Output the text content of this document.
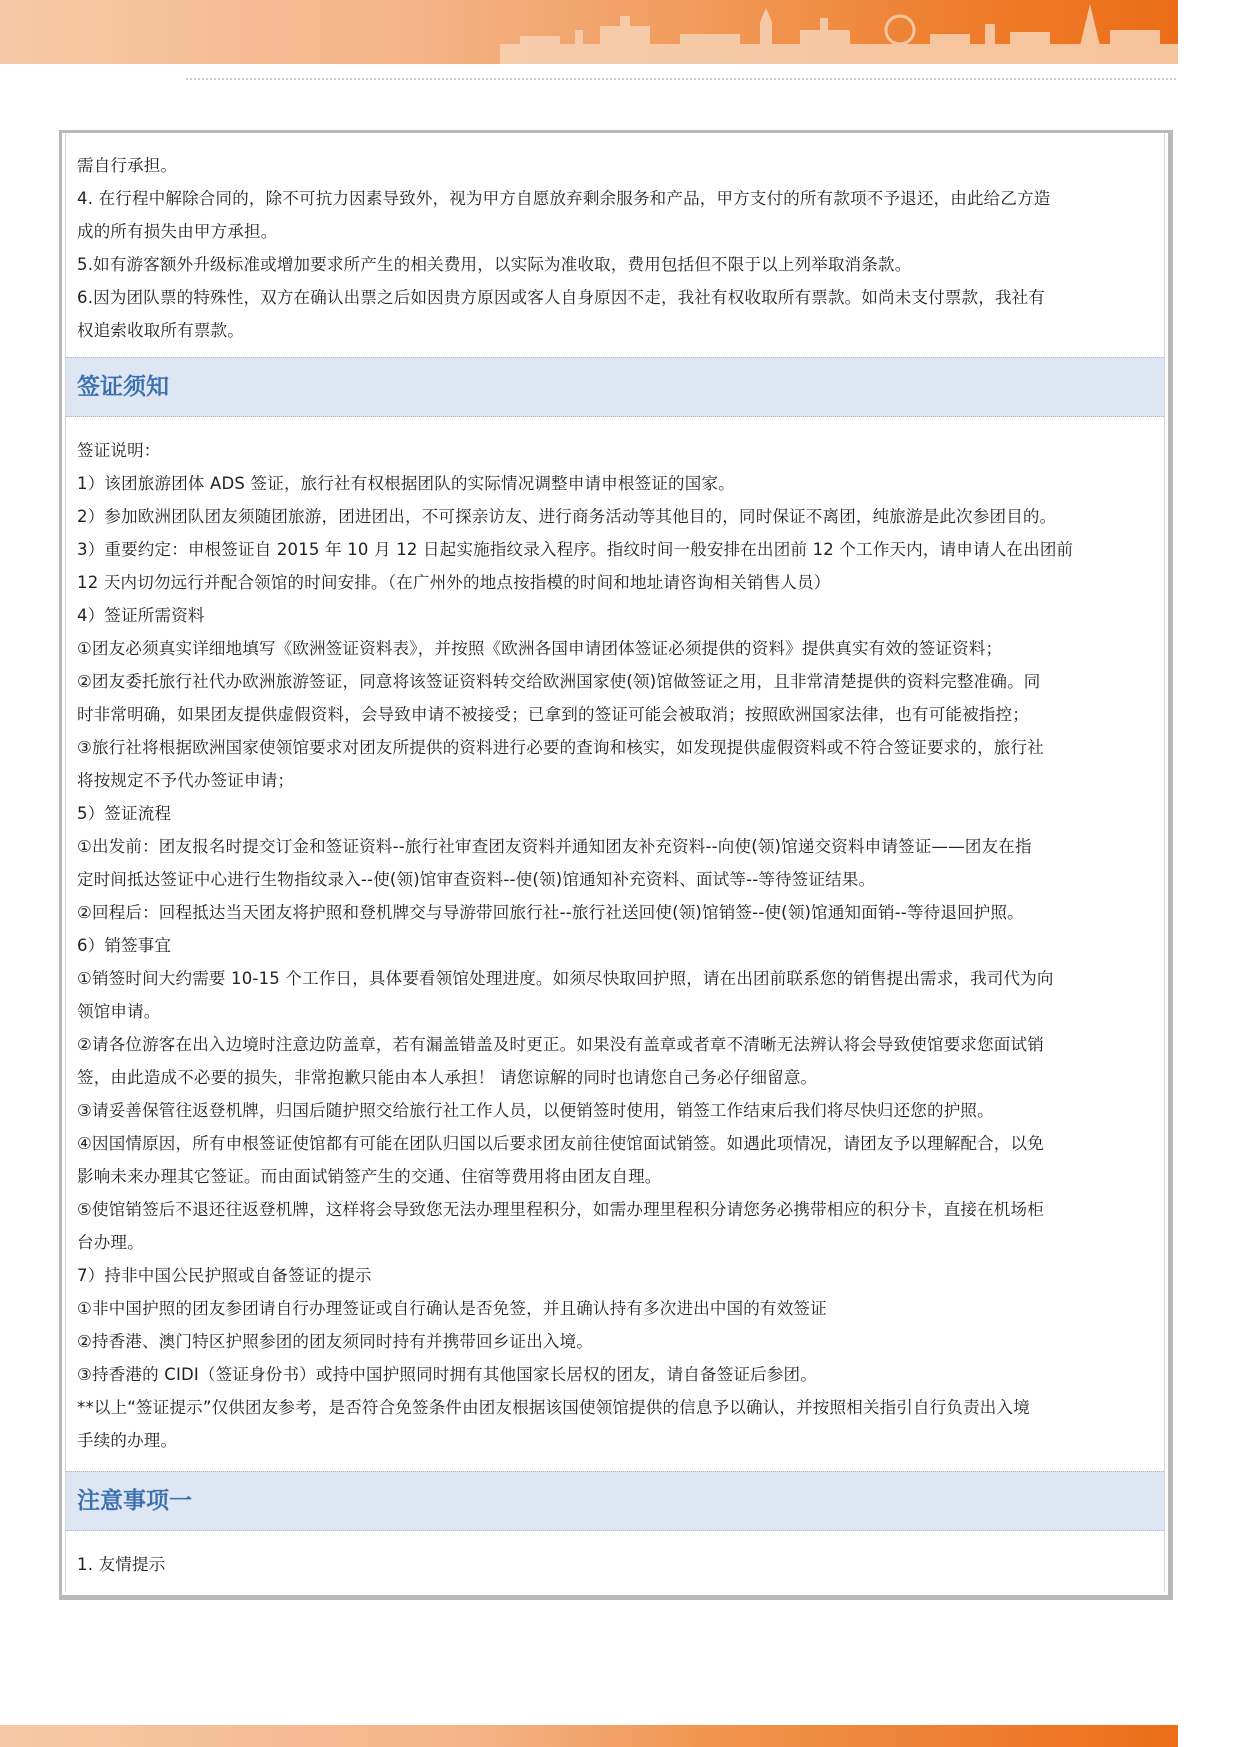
需自行承担。
4. 在行程中解除合同的，除不可抗力因素导致外，视为甲方自愿放弃剩余服务和产品，甲方支付的所有款项不予退还，由此给乙方造
成的所有损失由甲方承担。
5.如有游客额外升级标准或增加要求所产生的相关费用，以实际为准收取，费用包括但不限于以上列举取消条款。
6.因为团队票的特殊性，双方在确认出票之后如因贵方原因或客人自身原因不走，我社有权收取所有票款。如尚未支付票款，我社有
权追索收取所有票款。
签证须知
签证说明：
1）该团旅游团体 ADS 签证，旅行社有权根据团队的实际情况调整申请申根签证的国家。
2）参加欧洲团队团友须随团旅游，团进团出，不可探亲访友、进行商务活动等其他目的，同时保证不离团，纯旅游是此次参团目的。
3）重要约定：申根签证自 2015 年 10 月 12 日起实施指纹录入程序。指纹时间一般安排在出团前 12 个工作天内，请申请人在出团前
12 天内切勿远行并配合领馆的时间安排。（在广州外的地点按指模的时间和地址请咨询相关销售人员）
4）签证所需资料
①团友必须真实详细地填写《欧洲签证资料表》，并按照《欧洲各国申请团体签证必须提供的资料》提供真实有效的签证资料；
②团友委托旅行社代办欧洲旅游签证，同意将该签证资料转交给欧洲国家使(领)馆做签证之用，且非常清楚提供的资料完整准确。同
时非常明确，如果团友提供虚假资料，会导致申请不被接受；已拿到的签证可能会被取消；按照欧洲国家法律，也有可能被指控；
③旅行社将根据欧洲国家使领馆要求对团友所提供的资料进行必要的查询和核实，如发现提供虚假资料或不符合签证要求的，旅行社
将按规定不予代办签证申请；
5）签证流程
①出发前：团友报名时提交订金和签证资料--旅行社审查团友资料并通知团友补充资料--向使(领)馆递交资料申请签证——团友在指
定时间抵达签证中心进行生物指纹录入--使(领)馆审查资料--使(领)馆通知补充资料、面试等--等待签证结果。
②回程后：回程抵达当天团友将护照和登机牌交与导游带回旅行社--旅行社送回使(领)馆销签--使(领)馆通知面销--等待退回护照。
6）销签事宜
①销签时间大约需要 10-15 个工作日，具体要看领馆处理进度。如须尽快取回护照，请在出团前联系您的销售提出需求，我司代为向
领馆申请。
②请各位游客在出入边境时注意边防盖章，若有漏盖错盖及时更正。如果没有盖章或者章不清晰无法辨认将会导致使馆要求您面试销
签，由此造成不必要的损失，非常抱歉只能由本人承担！ 请您谅解的同时也请您自己务必仔细留意。
③请妥善保管往返登机牌，归国后随护照交给旅行社工作人员，以便销签时使用，销签工作结束后我们将尽快归还您的护照。
④因国情原因，所有申根签证使馆都有可能在团队归国以后要求团友前往使馆面试销签。如遇此项情况，请团友予以理解配合，以免
影响未来办理其它签证。而由面试销签产生的交通、住宿等费用将由团友自理。
⑤使馆销签后不退还往返登机牌，这样将会导致您无法办理里程积分，如需办理里程积分请您务必携带相应的积分卡，直接在机场柜
台办理。
7）持非中国公民护照或自备签证的提示
①非中国护照的团友参团请自行办理签证或自行确认是否免签，并且确认持有多次进出中国的有效签证
②持香港、澳门特区护照参团的团友须同时持有并携带回乡证出入境。
③持香港的 CIDI（签证身份书）或持中国护照同时拥有其他国家长居权的团友，请自备签证后参团。
**以上“签证提示”仅供团友参考，是否符合免签条件由团友根据该国使领馆提供的信息予以确认，并按照相关指引自行负责出入境
手续的办理。
注意事项一
1. 友情提示
